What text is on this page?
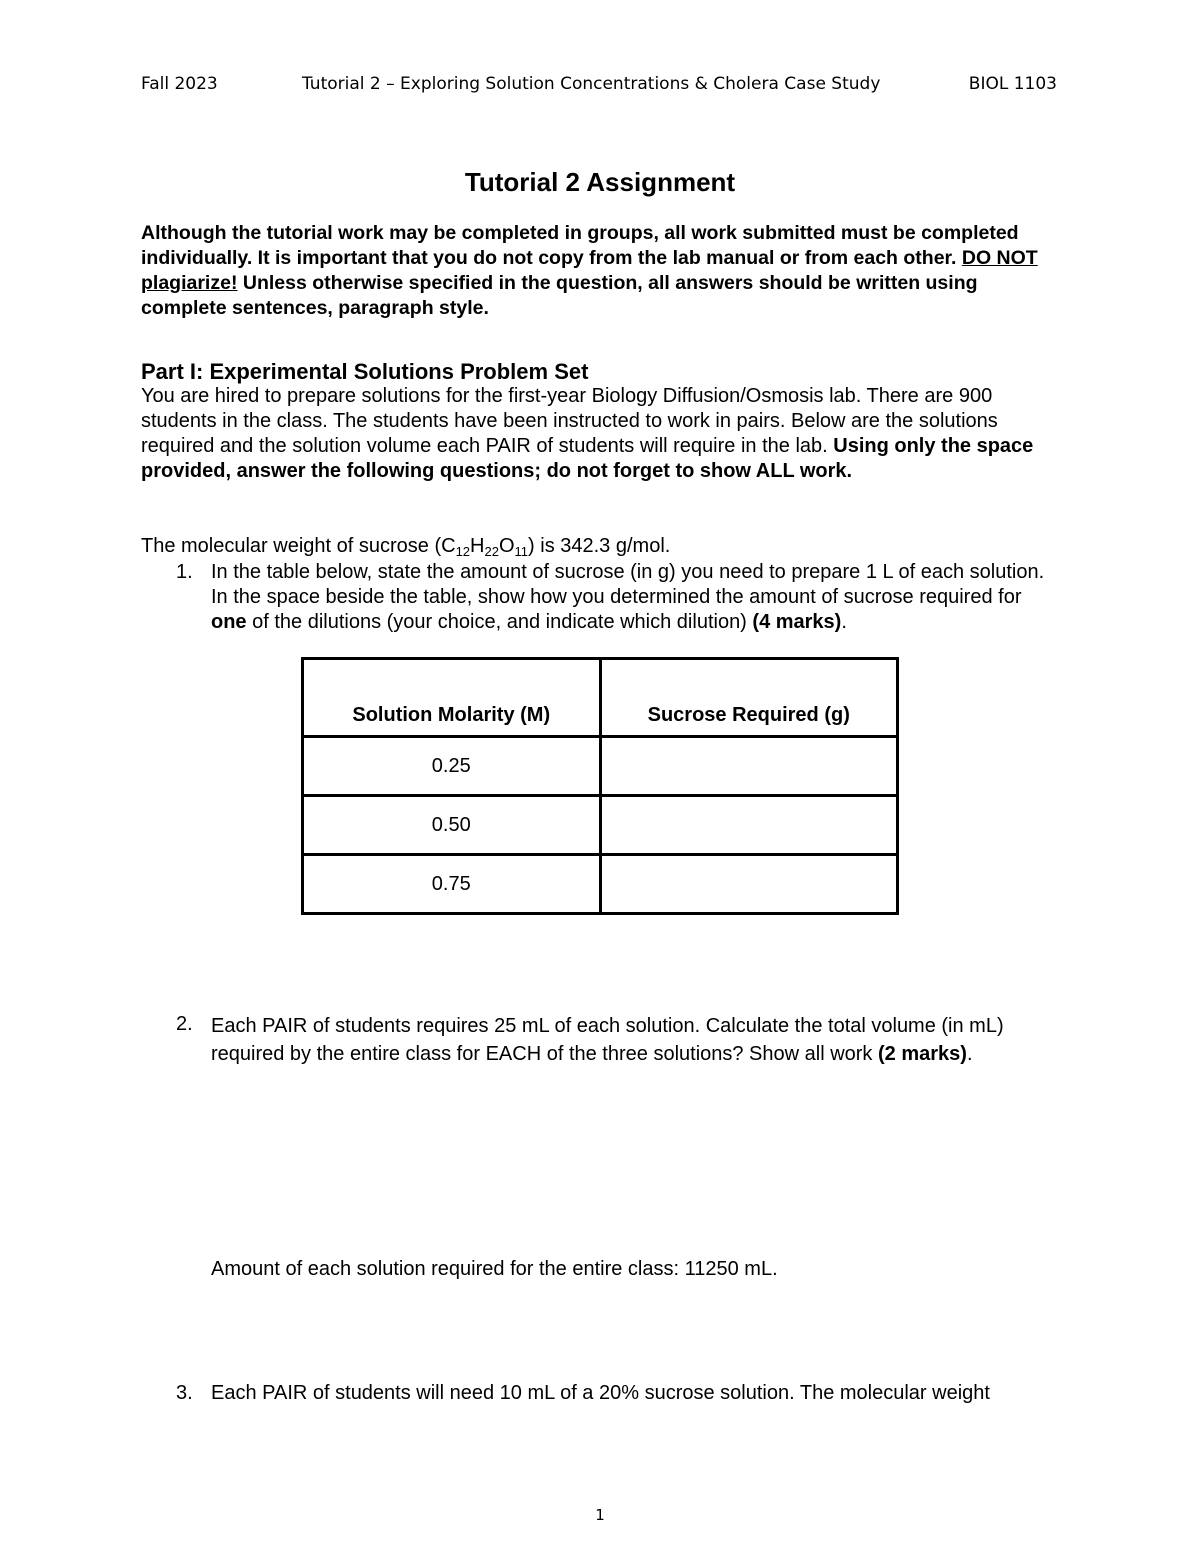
Fall 2023	Tutorial 2 – Exploring Solution Concentrations & Cholera Case Study	BIOL 1103
Tutorial 2 Assignment
Although the tutorial work may be completed in groups, all work submitted must be completed individually. It is important that you do not copy from the lab manual or from each other. DO NOT plagiarize! Unless otherwise specified in the question, all answers should be written using complete sentences, paragraph style.
Part I: Experimental Solutions Problem Set
You are hired to prepare solutions for the first-year Biology Diffusion/Osmosis lab. There are 900 students in the class. The students have been instructed to work in pairs. Below are the solutions required and the solution volume each PAIR of students will require in the lab. Using only the space provided, answer the following questions; do not forget to show ALL work.
The molecular weight of sucrose $(C_{12}H_{22}O_{11})$ is 342.3 g/mol.
1. In the table below, state the amount of sucrose (in g) you need to prepare 1 L of each solution. In the space beside the table, show how you determined the amount of sucrose required for one of the dilutions (your choice, and indicate which dilution) (4 marks).
Solution Molarity (M)	Sucrose Required (g)
0.25	
0.50	
0.75	
2. Each PAIR of students requires 25 mL of each solution. Calculate the total volume (in mL) required by the entire class for EACH of the three solutions? Show all work (2 marks).
Amount of each solution required for the entire class: 11250 mL.
3. Each PAIR of students will need 10 mL of a 20% sucrose solution. The molecular weight
1
